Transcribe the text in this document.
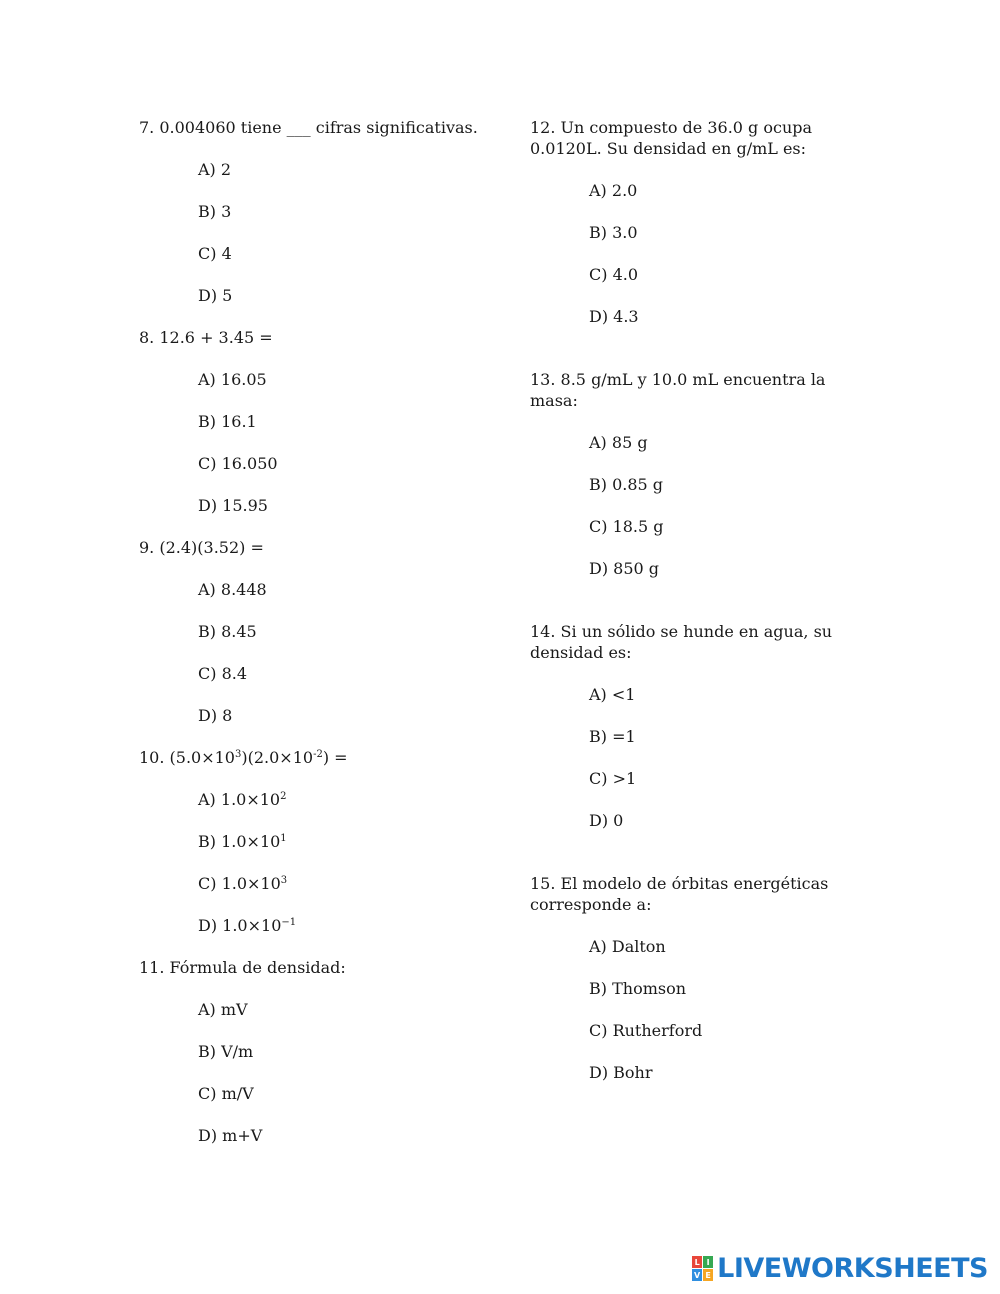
7. 0.004060 tiene ___ cifras significativas.

A) 2
B) 3
C) 4
D) 5

8. 12.6 + 3.45 =

A) 16.05
B) 16.1
C) 16.050
D) 15.95

9. (2.4)(3.52) =

A) 8.448
B) 8.45
C) 8.4
D) 8

10. $(5.0\times 10^3)(2.0\times 10^{-2})$ =

A) $1.0\times 10^2$
B) $1.0\times 10^1$
C) $1.0\times 10^3$
D) $1.0\times 10^{-1}$

11. Fórmula de densidad:

A) mV
B) V/m
C) m/V
D) m+V

12. Un compuesto de 36.0 g ocupa 0.0120L. Su densidad en g/mL es:

A) 2.0
B) 3.0
C) 4.0
D) 4.3

13. 8.5 g/mL y 10.0 mL encuentra la masa:

A) 85 g
B) 0.85 g
C) 18.5 g
D) 850 g

14. Si un sólido se hunde en agua, su densidad es:

A) <1
B) =1
C) >1
D) 0

15. El modelo de órbitas energéticas corresponde a:

A) Dalton
B) Thomson
C) Rutherford
D) Bohr
L I
V E LIVEWORKSHEETS
